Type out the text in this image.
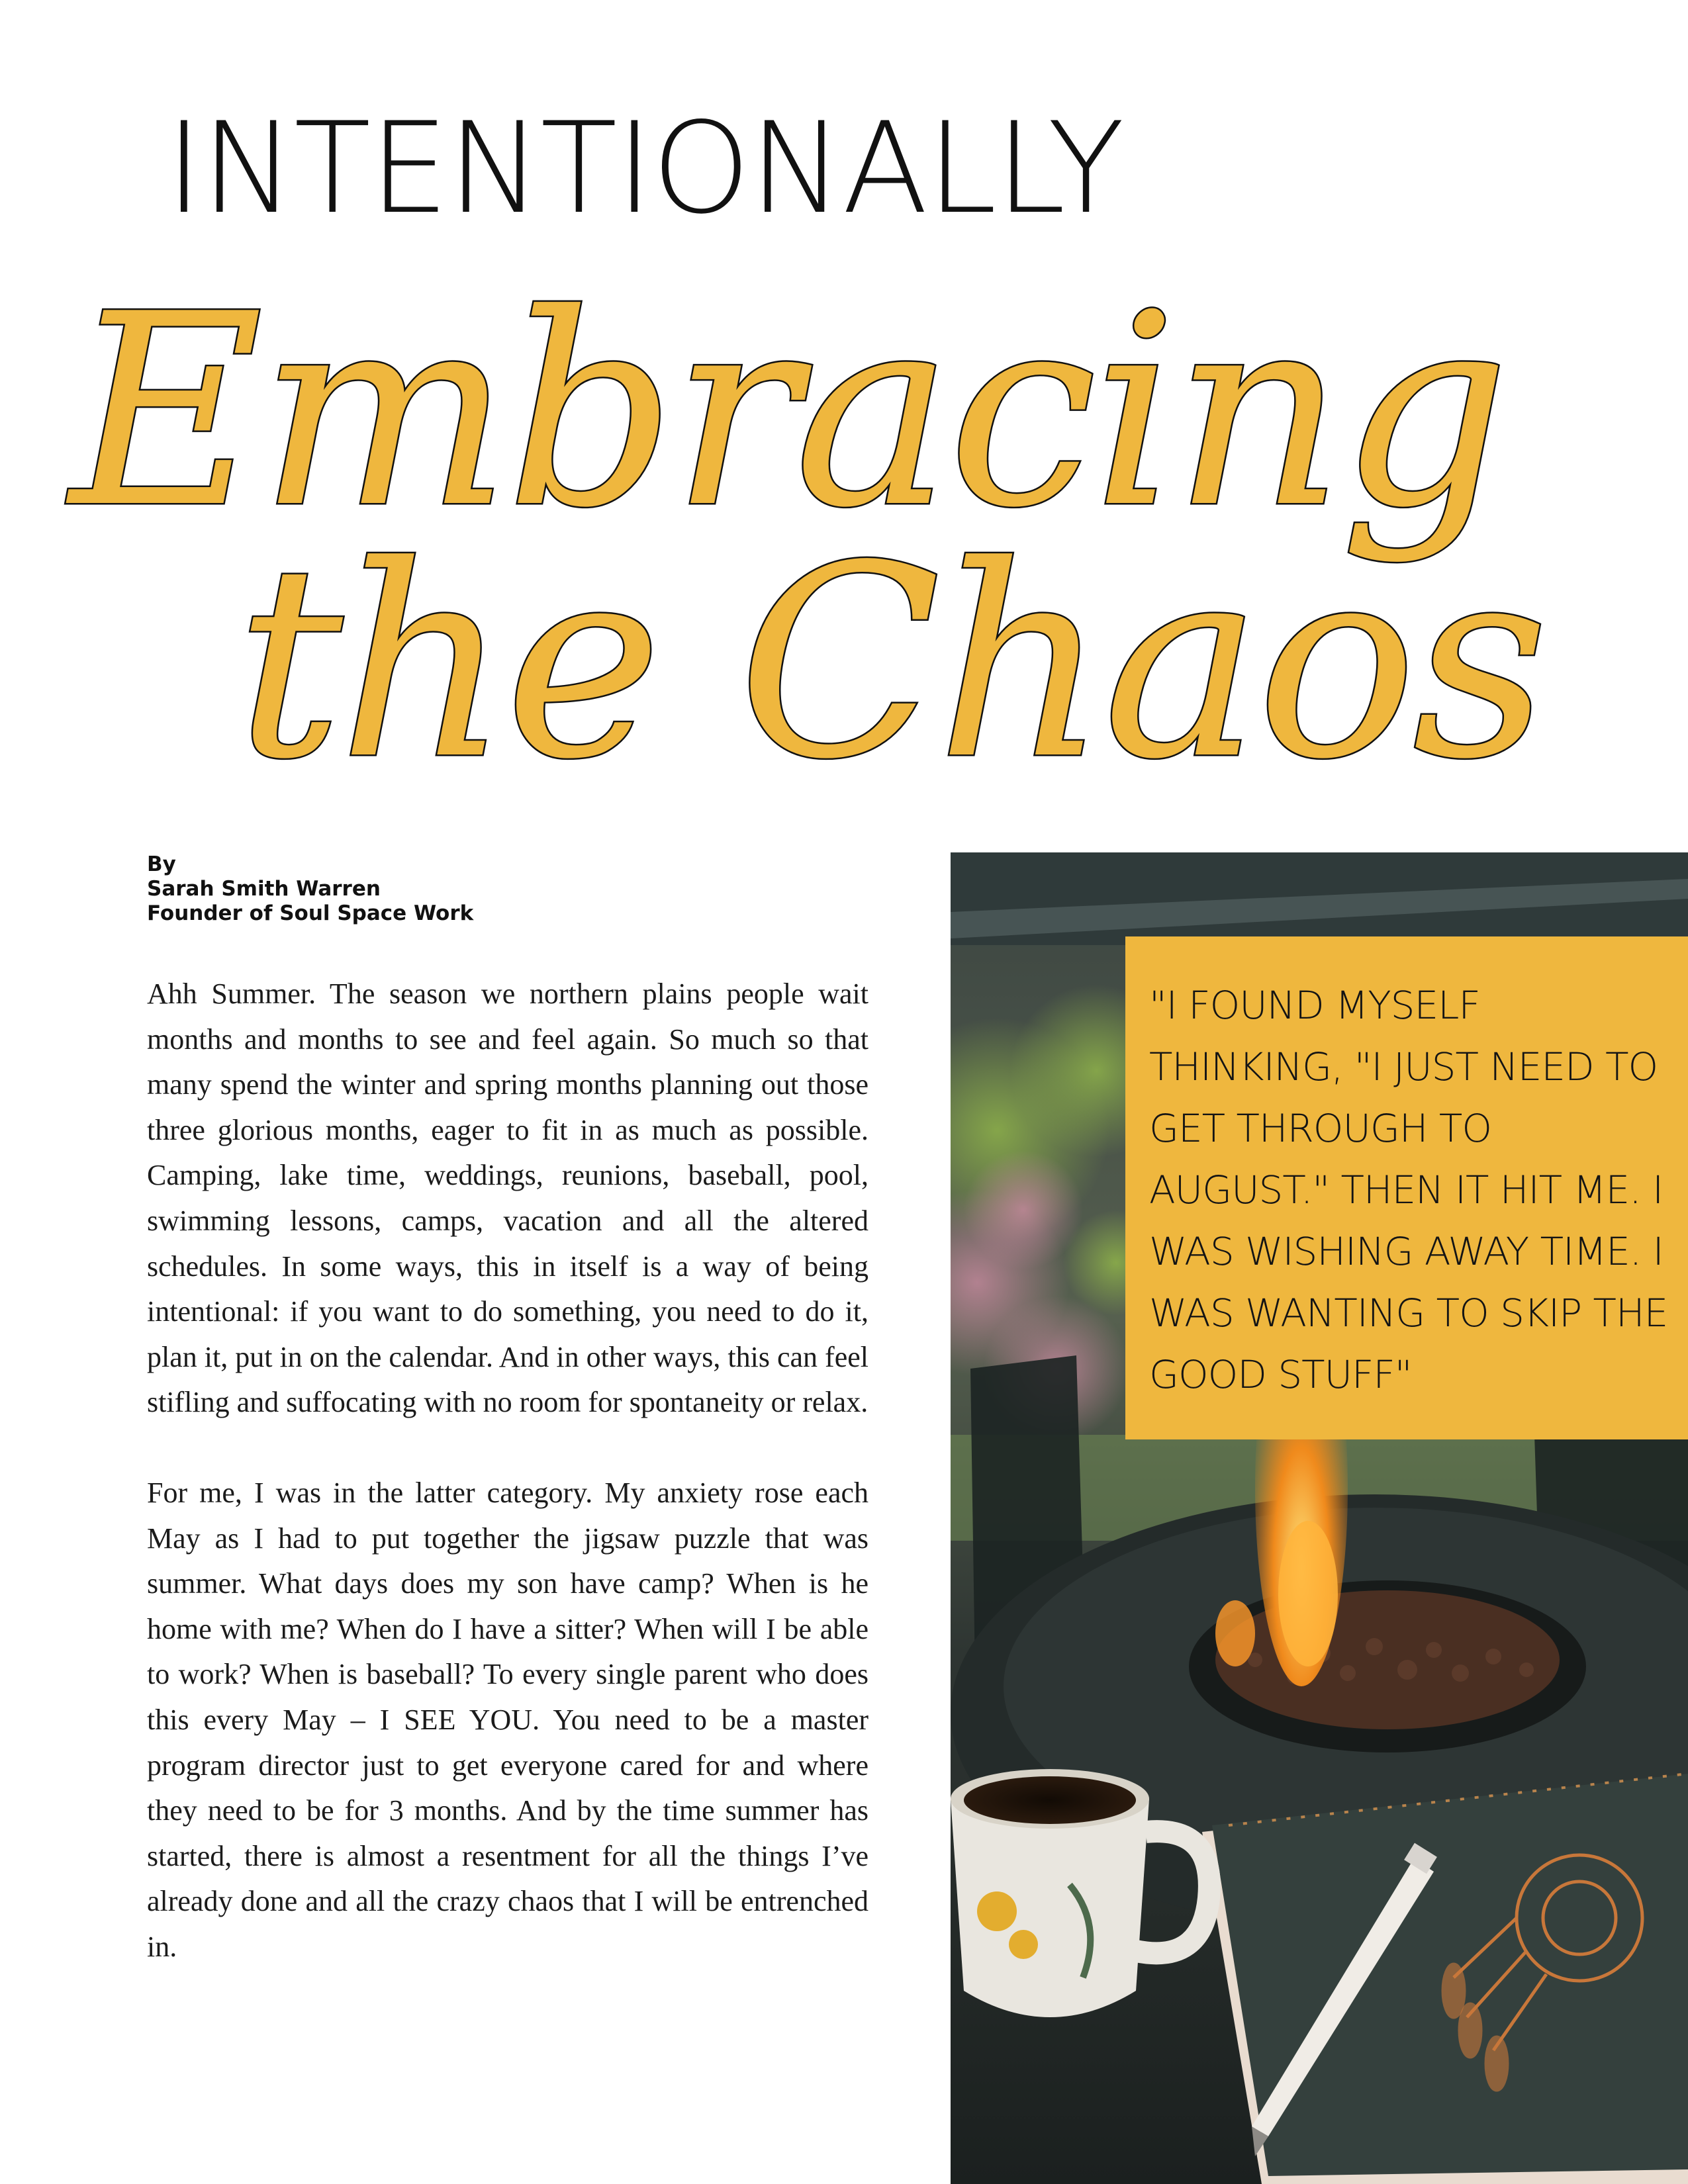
INTENTIONALLY
Embracing
the Chaos
By
Sarah Smith Warren
Founder of Soul Space Work

Ahh Summer. The season we northern plains people wait months and months to see and feel again. So much so that many spend the winter and spring months planning out those three glorious months, eager to fit in as much as possible. Camping, lake time, weddings, reunions, baseball, pool, swimming lessons, camps, vacation and all the altered schedules. In some ways, this in itself is a way of being intentional: if you want to do something, you need to do it, plan it, put in on the calendar. And in other ways, this can feel stifling and suffocating with no room for spontaneity or relax.

For me, I was in the latter category. My anxiety rose each May as I had to put together the jigsaw puzzle that was summer. What days does my son have camp? When is he home with me? When do I have a sitter? When will I be able to work? When is baseball? To every single parent who does this every May – I SEE YOU. You need to be a master program director just to get everyone cared for and where they need to be for 3 months. And by the time summer has started, there is almost a resentment for all the things I’ve already done and all the crazy chaos that I will be entrenched in.

"I FOUND MYSELF THINKING, "I JUST NEED TO GET THROUGH TO AUGUST." THEN IT HIT ME. I WAS WISHING AWAY TIME. I WAS WANTING TO SKIP THE GOOD STUFF"
